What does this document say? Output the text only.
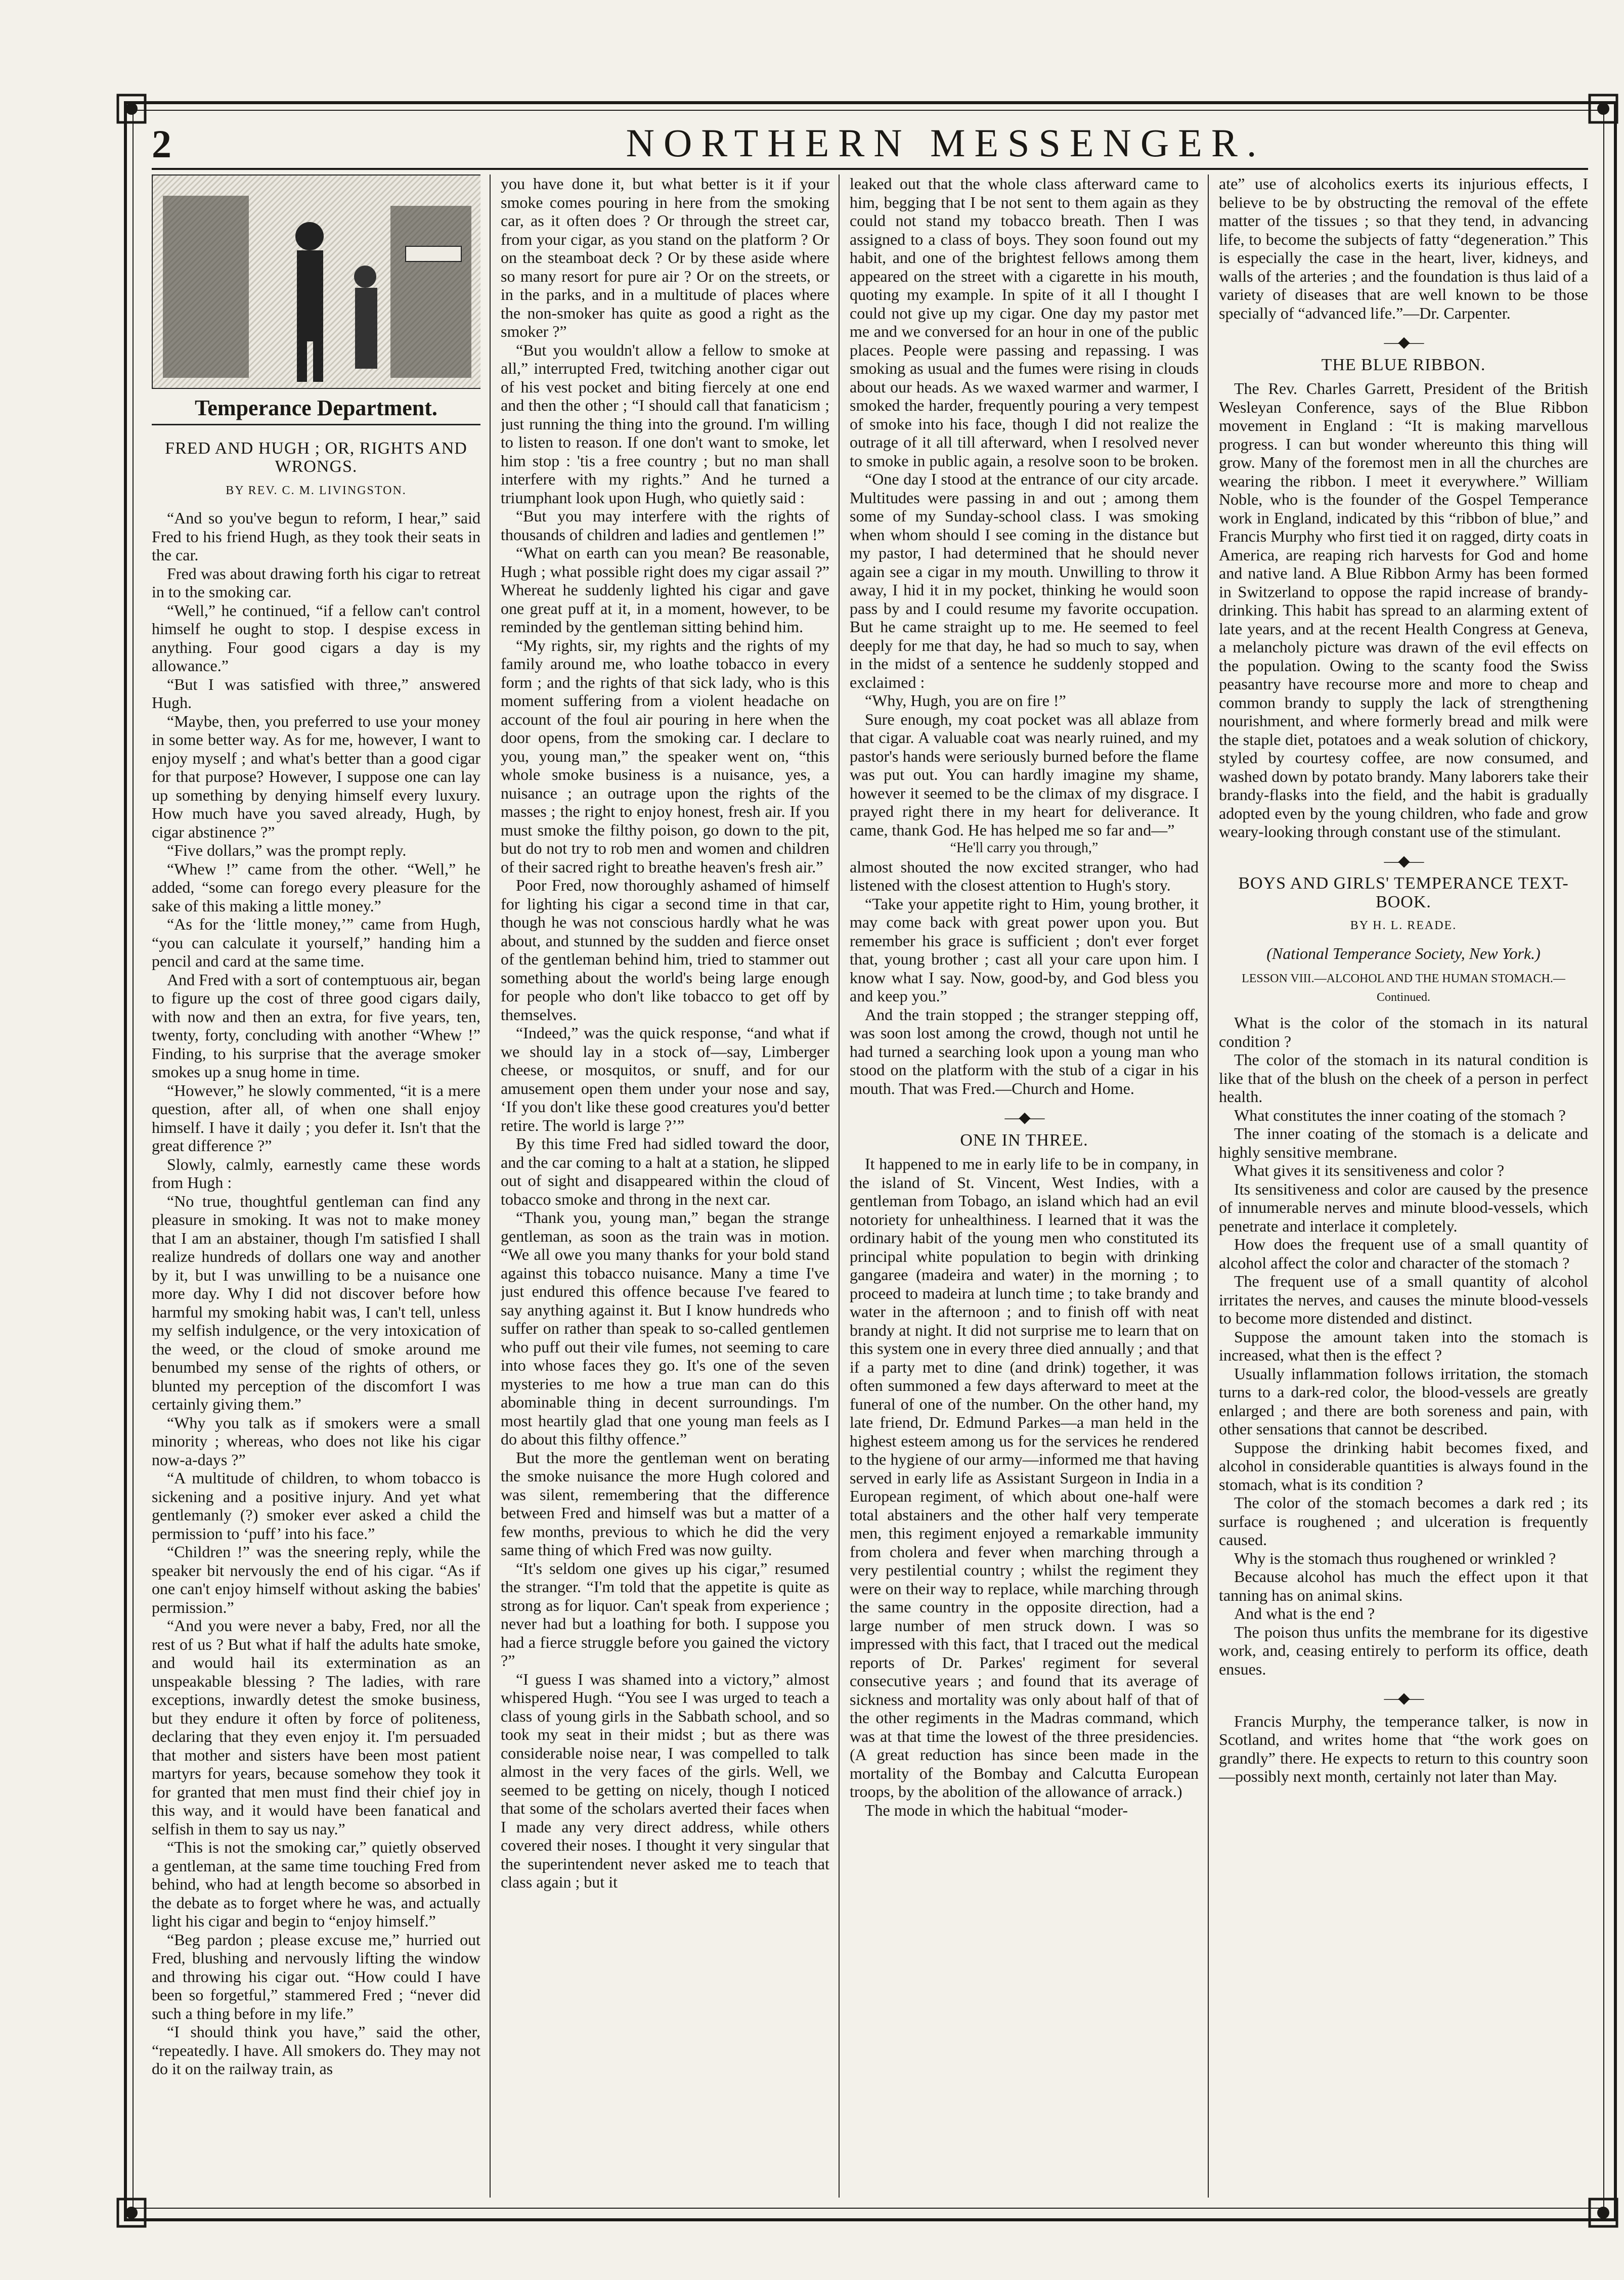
2	NORTHERN MESSENGER.
Temperance Department.
FRED AND HUGH ; OR, RIGHTS AND WRONGS.
BY REV. C. M. LIVINGSTON.

“And so you've begun to reform, I hear,” said Fred to his friend Hugh, as they took their seats in the car.

Fred was about drawing forth his cigar to retreat in to the smoking car.

“Well,” he continued, “if a fellow can't control himself he ought to stop. I despise excess in anything. Four good cigars a day is my allowance.”

“But I was satisfied with three,” answered Hugh.

“Maybe, then, you preferred to use your money in some better way. As for me, however, I want to enjoy myself ; and what's better than a good cigar for that purpose? However, I suppose one can lay up something by denying himself every luxury. How much have you saved already, Hugh, by cigar abstinence ?”

“Five dollars,” was the prompt reply.

“Whew !” came from the other. “Well,” he added, “some can forego every pleasure for the sake of this making a little money.”

“As for the ‘little money,’” came from Hugh, “you can calculate it yourself,” handing him a pencil and card at the same time.

And Fred with a sort of contemptuous air, began to figure up the cost of three good cigars daily, with now and then an extra, for five years, ten, twenty, forty, concluding with another “Whew !” Finding, to his surprise that the average smoker smokes up a snug home in time.

“However,” he slowly commented, “it is a mere question, after all, of when one shall enjoy himself. I have it daily ; you defer it. Isn't that the great difference ?”

Slowly, calmly, earnestly came these words from Hugh :

“No true, thoughtful gentleman can find any pleasure in smoking. It was not to make money that I am an abstainer, though I'm satisfied I shall realize hundreds of dollars one way and another by it, but I was unwilling to be a nuisance one more day. Why I did not discover before how harmful my smoking habit was, I can't tell, unless my selfish indulgence, or the very intoxication of the weed, or the cloud of smoke around me benumbed my sense of the rights of others, or blunted my perception of the discomfort I was certainly giving them.”

“Why you talk as if smokers were a small minority ; whereas, who does not like his cigar now-a-days ?”

“A multitude of children, to whom tobacco is sickening and a positive injury. And yet what gentlemanly (?) smoker ever asked a child the permission to ‘puff’ into his face.”

“Children !” was the sneering reply, while the speaker bit nervously the end of his cigar. “As if one can't enjoy himself without asking the babies' permission.”

“And you were never a baby, Fred, nor all the rest of us ? But what if half the adults hate smoke, and would hail its extermination as an unspeakable blessing ? The ladies, with rare exceptions, inwardly detest the smoke business, but they endure it often by force of politeness, declaring that they even enjoy it. I'm persuaded that mother and sisters have been most patient martyrs for years, because somehow they took it for granted that men must find their chief joy in this way, and it would have been fanatical and selfish in them to say us nay.”

“This is not the smoking car,” quietly observed a gentleman, at the same time touching Fred from behind, who had at length become so absorbed in the debate as to forget where he was, and actually light his cigar and begin to “enjoy himself.”

“Beg pardon ; please excuse me,” hurried out Fred, blushing and nervously lifting the window and throwing his cigar out. “How could I have been so forgetful,” stammered Fred ; “never did such a thing before in my life.”

“I should think you have,” said the other, “repeatedly. I have. All smokers do. They may not do it on the railway train, as

you have done it, but what better is it if your smoke comes pouring in here from the smoking car, as it often does ? Or through the street car, from your cigar, as you stand on the platform ? Or on the steamboat deck ? Or by these aside where so many resort for pure air ? Or on the streets, or in the parks, and in a multitude of places where the non-smoker has quite as good a right as the smoker ?”

“But you wouldn't allow a fellow to smoke at all,” interrupted Fred, twitching another cigar out of his vest pocket and biting fiercely at one end and then the other ; “I should call that fanaticism ; just running the thing into the ground. I'm willing to listen to reason. If one don't want to smoke, let him stop : 'tis a free country ; but no man shall interfere with my rights.” And he turned a triumphant look upon Hugh, who quietly said :

“But you may interfere with the rights of thousands of children and ladies and gentlemen !”

“What on earth can you mean? Be reasonable, Hugh ; what possible right does my cigar assail ?” Whereat he suddenly lighted his cigar and gave one great puff at it, in a moment, however, to be reminded by the gentleman sitting behind him.

“My rights, sir, my rights and the rights of my family around me, who loathe tobacco in every form ; and the rights of that sick lady, who is this moment suffering from a violent headache on account of the foul air pouring in here when the door opens, from the smoking car. I declare to you, young man,” the speaker went on, “this whole smoke business is a nuisance, yes, a nuisance ; an outrage upon the rights of the masses ; the right to enjoy honest, fresh air. If you must smoke the filthy poison, go down to the pit, but do not try to rob men and women and children of their sacred right to breathe heaven's fresh air.”

Poor Fred, now thoroughly ashamed of himself for lighting his cigar a second time in that car, though he was not conscious hardly what he was about, and stunned by the sudden and fierce onset of the gentleman behind him, tried to stammer out something about the world's being large enough for people who don't like tobacco to get off by themselves.

“Indeed,” was the quick response, “and what if we should lay in a stock of—say, Limberger cheese, or mosquitos, or snuff, and for our amusement open them under your nose and say, ‘If you don't like these good creatures you'd better retire. The world is large ?’”

By this time Fred had sidled toward the door, and the car coming to a halt at a station, he slipped out of sight and disappeared within the cloud of tobacco smoke and throng in the next car.

“Thank you, young man,” began the strange gentleman, as soon as the train was in motion. “We all owe you many thanks for your bold stand against this tobacco nuisance. Many a time I've just endured this offence because I've feared to say anything against it. But I know hundreds who suffer on rather than speak to so-called gentlemen who puff out their vile fumes, not seeming to care into whose faces they go. It's one of the seven mysteries to me how a true man can do this abominable thing in decent surroundings. I'm most heartily glad that one young man feels as I do about this filthy offence.”

But the more the gentleman went on berating the smoke nuisance the more Hugh colored and was silent, remembering that the difference between Fred and himself was but a matter of a few months, previous to which he did the very same thing of which Fred was now guilty.

“It's seldom one gives up his cigar,” resumed the stranger. “I'm told that the appetite is quite as strong as for liquor. Can't speak from experience ; never had but a loathing for both. I suppose you had a fierce struggle before you gained the victory ?”

“I guess I was shamed into a victory,” almost whispered Hugh. “You see I was urged to teach a class of young girls in the Sabbath school, and so took my seat in their midst ; but as there was considerable noise near, I was compelled to talk almost in the very faces of the girls. Well, we seemed to be getting on nicely, though I noticed that some of the scholars averted their faces when I made any very direct address, while others covered their noses. I thought it very singular that the superintendent never asked me to teach that class again ; but it

leaked out that the whole class afterward came to him, begging that I be not sent to them again as they could not stand my tobacco breath. Then I was assigned to a class of boys. They soon found out my habit, and one of the brightest fellows among them appeared on the street with a cigarette in his mouth, quoting my example. In spite of it all I thought I could not give up my cigar. One day my pastor met me and we conversed for an hour in one of the public places. People were passing and repassing. I was smoking as usual and the fumes were rising in clouds about our heads. As we waxed warmer and warmer, I smoked the harder, frequently pouring a very tempest of smoke into his face, though I did not realize the outrage of it all till afterward, when I resolved never to smoke in public again, a resolve soon to be broken.

“One day I stood at the entrance of our city arcade. Multitudes were passing in and out ; among them some of my Sunday-school class. I was smoking when whom should I see coming in the distance but my pastor, I had determined that he should never again see a cigar in my mouth. Unwilling to throw it away, I hid it in my pocket, thinking he would soon pass by and I could resume my favorite occupation. But he came straight up to me. He seemed to feel deeply for me that day, he had so much to say, when in the midst of a sentence he suddenly stopped and exclaimed :

“Why, Hugh, you are on fire !”

Sure enough, my coat pocket was all ablaze from that cigar. A valuable coat was nearly ruined, and my pastor's hands were seriously burned before the flame was put out. You can hardly imagine my shame, however it seemed to be the climax of my disgrace. I prayed right there in my heart for deliverance. It came, thank God. He has helped me so far and—”

“He'll carry you through,”

almost shouted the now excited stranger, who had listened with the closest attention to Hugh's story.

“Take your appetite right to Him, young brother, it may come back with great power upon you. But remember his grace is sufficient ; don't ever forget that, young brother ; cast all your care upon him. I know what I say. Now, good-by, and God bless you and keep you.”

And the train stopped ; the stranger stepping off, was soon lost among the crowd, though not until he had turned a searching look upon a young man who stood on the platform with the stub of a cigar in his mouth. That was Fred.—Church and Home.

—◆—
ONE IN THREE.

It happened to me in early life to be in company, in the island of St. Vincent, West Indies, with a gentleman from Tobago, an island which had an evil notoriety for unhealthiness. I learned that it was the ordinary habit of the young men who constituted its principal white population to begin with drinking gangaree (madeira and water) in the morning ; to proceed to madeira at lunch time ; to take brandy and water in the afternoon ; and to finish off with neat brandy at night. It did not surprise me to learn that on this system one in every three died annually ; and that if a party met to dine (and drink) together, it was often summoned a few days afterward to meet at the funeral of one of the number. On the other hand, my late friend, Dr. Edmund Parkes—a man held in the highest esteem among us for the services he rendered to the hygiene of our army—informed me that having served in early life as Assistant Surgeon in India in a European regiment, of which about one-half were total abstainers and the other half very temperate men, this regiment enjoyed a remarkable immunity from cholera and fever when marching through a very pestilential country ; whilst the regiment they were on their way to replace, while marching through the same country in the opposite direction, had a large number of men struck down. I was so impressed with this fact, that I traced out the medical reports of Dr. Parkes' regiment for several consecutive years ; and found that its average of sickness and mortality was only about half of that of the other regiments in the Madras command, which was at that time the lowest of the three presidencies. (A great reduction has since been made in the mortality of the Bombay and Calcutta European troops, by the abolition of the allowance of arrack.)

The mode in which the habitual “moder-

ate” use of alcoholics exerts its injurious effects, I believe to be by obstructing the removal of the effete matter of the tissues ; so that they tend, in advancing life, to become the subjects of fatty “degeneration.” This is especially the case in the heart, liver, kidneys, and walls of the arteries ; and the foundation is thus laid of a variety of diseases that are well known to be those specially of “advanced life.”—Dr. Carpenter.

—◆—
THE BLUE RIBBON.

The Rev. Charles Garrett, President of the British Wesleyan Conference, says of the Blue Ribbon movement in England : “It is making marvellous progress. I can but wonder whereunto this thing will grow. Many of the foremost men in all the churches are wearing the ribbon. I meet it everywhere.” William Noble, who is the founder of the Gospel Temperance work in England, indicated by this “ribbon of blue,” and Francis Murphy who first tied it on ragged, dirty coats in America, are reaping rich harvests for God and home and native land. A Blue Ribbon Army has been formed in Switzerland to oppose the rapid increase of brandy-drinking. This habit has spread to an alarming extent of late years, and at the recent Health Congress at Geneva, a melancholy picture was drawn of the evil effects on the population. Owing to the scanty food the Swiss peasantry have recourse more and more to cheap and common brandy to supply the lack of strengthening nourishment, and where formerly bread and milk were the staple diet, potatoes and a weak solution of chickory, styled by courtesy coffee, are now consumed, and washed down by potato brandy. Many laborers take their brandy-flasks into the field, and the habit is gradually adopted even by the young children, who fade and grow weary-looking through constant use of the stimulant.

—◆—
BOYS AND GIRLS' TEMPERANCE TEXT-BOOK.
BY H. L. READE.
(National Temperance Society, New York.)
LESSON VIII.—ALCOHOL AND THE HUMAN STOMACH.—Continued.

What is the color of the stomach in its natural condition ?

The color of the stomach in its natural condition is like that of the blush on the cheek of a person in perfect health.

What constitutes the inner coating of the stomach ?

The inner coating of the stomach is a delicate and highly sensitive membrane.

What gives it its sensitiveness and color ?

Its sensitiveness and color are caused by the presence of innumerable nerves and minute blood-vessels, which penetrate and interlace it completely.

How does the frequent use of a small quantity of alcohol affect the color and character of the stomach ?

The frequent use of a small quantity of alcohol irritates the nerves, and causes the minute blood-vessels to become more distended and distinct.

Suppose the amount taken into the stomach is increased, what then is the effect ?

Usually inflammation follows irritation, the stomach turns to a dark-red color, the blood-vessels are greatly enlarged ; and there are both soreness and pain, with other sensations that cannot be described.

Suppose the drinking habit becomes fixed, and alcohol in considerable quantities is always found in the stomach, what is its condition ?

The color of the stomach becomes a dark red ; its surface is roughened ; and ulceration is frequently caused.

Why is the stomach thus roughened or wrinkled ?

Because alcohol has much the effect upon it that tanning has on animal skins.

And what is the end ?

The poison thus unfits the membrane for its digestive work, and, ceasing entirely to perform its office, death ensues.

—◆—

Francis Murphy, the temperance talker, is now in Scotland, and writes home that “the work goes on grandly” there. He expects to return to this country soon—possibly next month, certainly not later than May.
